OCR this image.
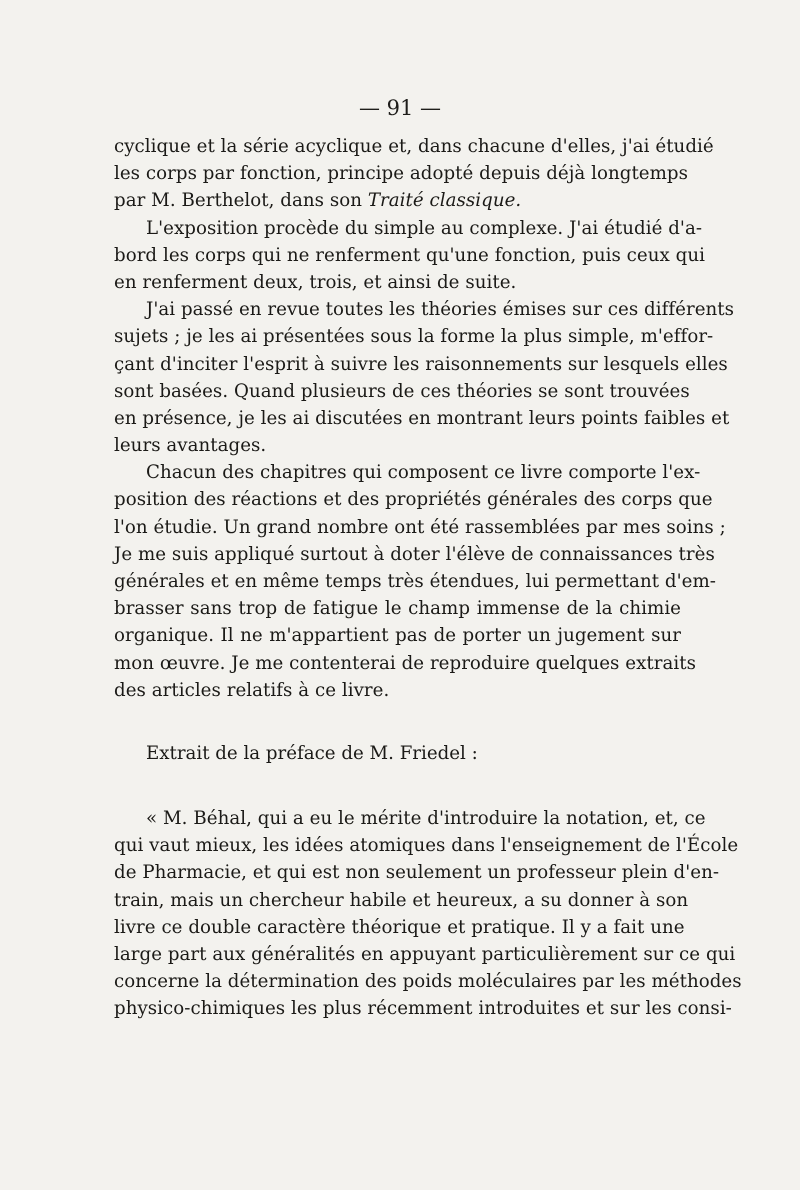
— 91 —
cyclique et la série acyclique et, dans chacune d'elles, j'ai étudié
les corps par fonction, principe adopté depuis déjà longtemps
par M. Berthelot, dans son Traité classique.
L'exposition procède du simple au complexe. J'ai étudié d'a-
bord les corps qui ne renferment qu'une fonction, puis ceux qui
en renferment deux, trois, et ainsi de suite.
J'ai passé en revue toutes les théories émises sur ces différents
sujets ; je les ai présentées sous la forme la plus simple, m'effor-
çant d'inciter l'esprit à suivre les raisonnements sur lesquels elles
sont basées. Quand plusieurs de ces théories se sont trouvées
en présence, je les ai discutées en montrant leurs points faibles et
leurs avantages.
Chacun des chapitres qui composent ce livre comporte l'ex-
position des réactions et des propriétés générales des corps que
l'on étudie. Un grand nombre ont été rassemblées par mes soins ;
Je me suis appliqué surtout à doter l'élève de connaissances très
générales et en même temps très étendues, lui permettant d'em-
brasser sans trop de fatigue le champ immense de la chimie
organique. Il ne m'appartient pas de porter un jugement sur
mon œuvre. Je me contenterai de reproduire quelques extraits
des articles relatifs à ce livre.
Extrait de la préface de M. Friedel :
« M. Béhal, qui a eu le mérite d'introduire la notation, et, ce
qui vaut mieux, les idées atomiques dans l'enseignement de l'École
de Pharmacie, et qui est non seulement un professeur plein d'en-
train, mais un chercheur habile et heureux, a su donner à son
livre ce double caractère théorique et pratique. Il y a fait une
large part aux généralités en appuyant particulièrement sur ce qui
concerne la détermination des poids moléculaires par les méthodes
physico-chimiques les plus récemment introduites et sur les consi-
